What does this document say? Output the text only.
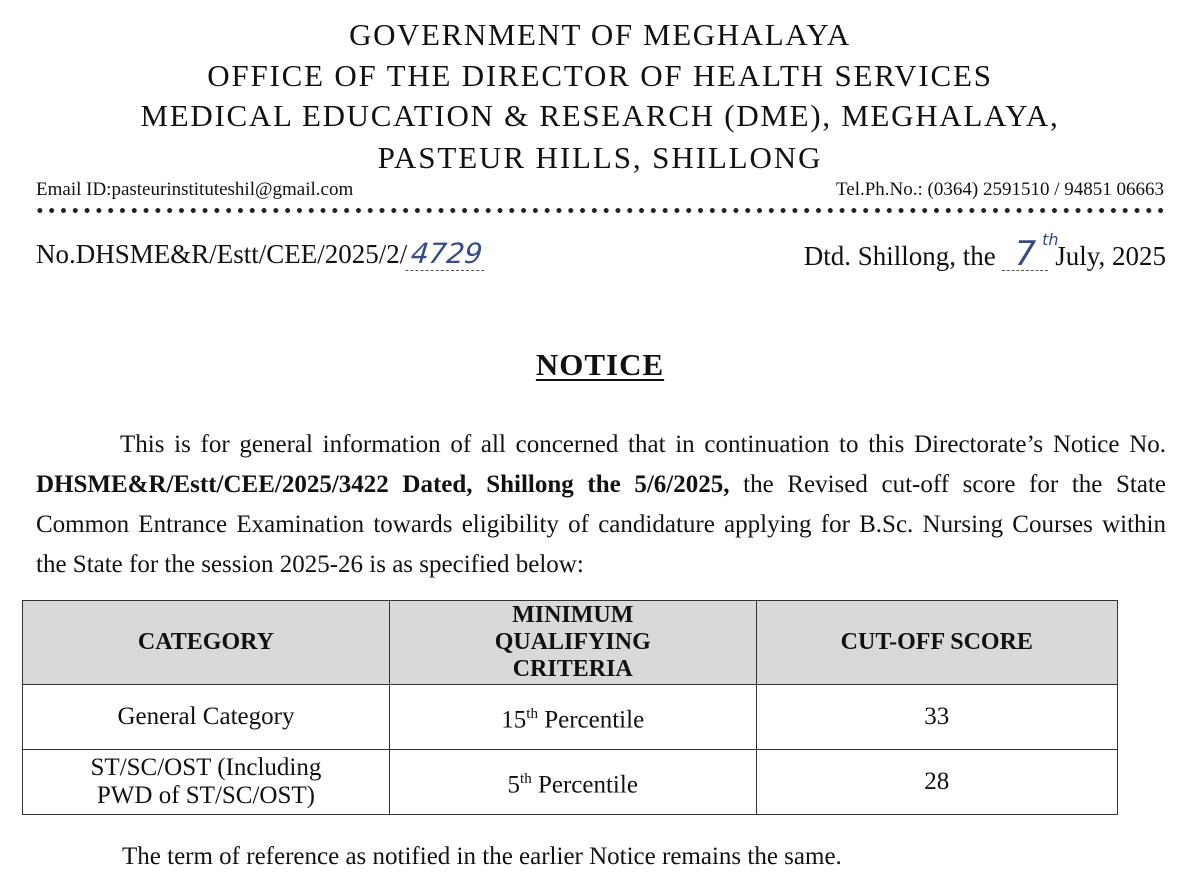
GOVERNMENT OF MEGHALAYA
OFFICE OF THE DIRECTOR OF HEALTH SERVICES
MEDICAL EDUCATION & RESEARCH (DME), MEGHALAYA,
PASTEUR HILLS, SHILLONG
Email ID:pasteurinstituteshil@gmail.com	Tel.Ph.No.: (0364) 2591510 / 94851 06663
No.DHSME&R/Estt/CEE/2025/2/4729	Dtd. Shillong, the 7 th
July, 2025
NOTICE
This is for general information of all concerned that in continuation to this Directorate’s Notice No. DHSME&R/Estt/CEE/2025/3422 Dated, Shillong the 5/6/2025, the Revised cut-off score for the State Common Entrance Examination towards eligibility of candidature applying for B.Sc. Nursing Courses within the State for the session 2025-26 is as specified below:
CATEGORY	MINIMUM QUALIFYING CRITERIA	CUT-OFF SCORE
General Category	15th Percentile	33

ST/SC/OST (Including PWD of ST/SC/OST)	5th Percentile	28
The term of reference as notified in the earlier Notice remains the same.
